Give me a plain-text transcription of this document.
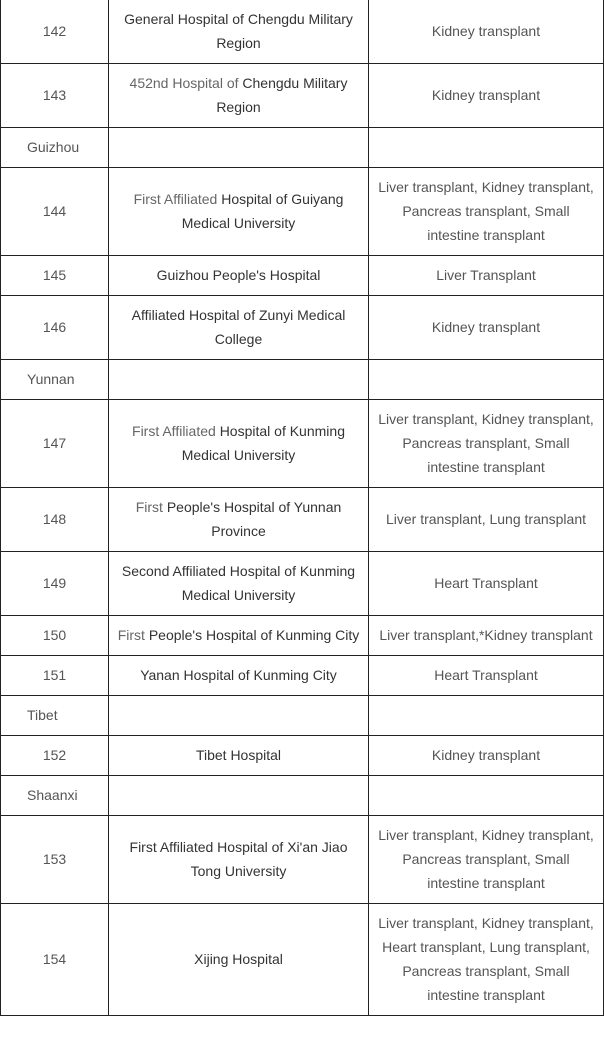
142	General Hospital of Chengdu Military Region	Kidney transplant
143	452nd Hospital of Chengdu Military Region	Kidney transplant
Guizhou		
144	First Affiliated Hospital of Guiyang Medical University	Liver transplant, Kidney transplant, Pancreas transplant, Small intestine transplant
145	Guizhou People's Hospital	Liver Transplant
146	Affiliated Hospital of Zunyi Medical College	Kidney transplant
Yunnan		
147	First Affiliated Hospital of Kunming Medical University	Liver transplant, Kidney transplant, Pancreas transplant, Small intestine transplant
148	First People's Hospital of Yunnan Province	Liver transplant, Lung transplant
149	Second Affiliated Hospital of Kunming Medical University	Heart Transplant
150	First People's Hospital of Kunming City	Liver transplant,*Kidney transplant
151	Yanan Hospital of Kunming City	Heart Transplant
Tibet		
152	Tibet Hospital	Kidney transplant
Shaanxi		
153	First Affiliated Hospital of Xi'an Jiao Tong University	Liver transplant, Kidney transplant, Pancreas transplant, Small intestine transplant
154	Xijing Hospital	Liver transplant, Kidney transplant, Heart transplant, Lung transplant, Pancreas transplant, Small intestine transplant
